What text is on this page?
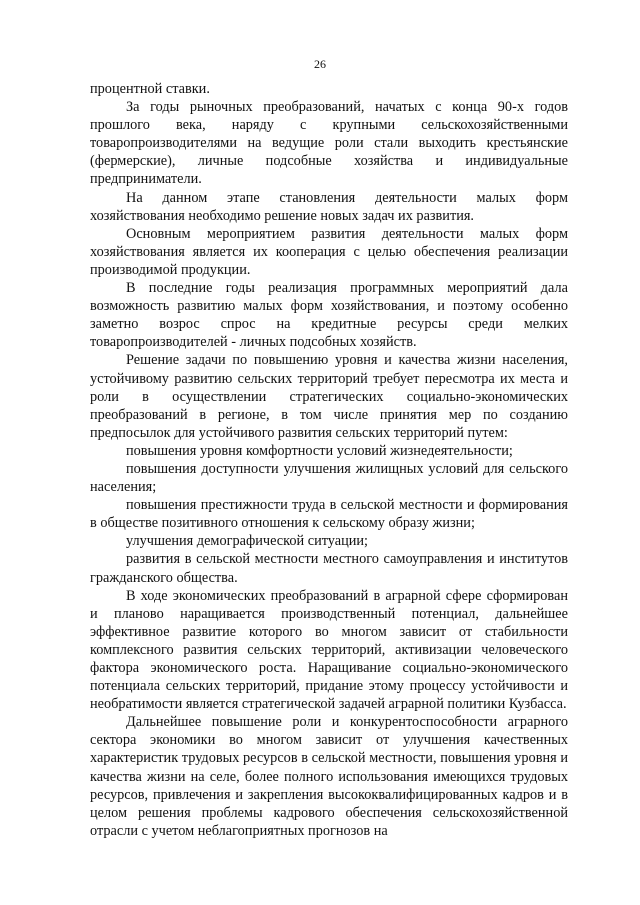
26

процентной ставки.

За годы рыночных преобразований, начатых с конца 90-х годов прошлого века, наряду с крупными сельскохозяйственными товаропроизводителями на ведущие роли стали выходить крестьянские (фермерские), личные подсобные хозяйства и индивидуальные предприниматели.

На данном этапе становления деятельности малых форм хозяйствования необходимо решение новых задач их развития.

Основным мероприятием развития деятельности малых форм хозяйствования является их кооперация с целью обеспечения реализации производимой продукции.

В последние годы реализация программных мероприятий дала возможность развитию малых форм хозяйствования, и поэтому особенно заметно возрос спрос на кредитные ресурсы среди мелких товаропроизводителей - личных подсобных хозяйств.

Решение задачи по повышению уровня и качества жизни населения, устойчивому развитию сельских территорий требует пересмотра их места и роли в осуществлении стратегических социально-экономических преобразований в регионе, в том числе принятия мер по созданию предпосылок для устойчивого развития сельских территорий путем:

повышения уровня комфортности условий жизнедеятельности;

повышения доступности улучшения жилищных условий для сельского населения;

повышения престижности труда в сельской местности и формирования в обществе позитивного отношения к сельскому образу жизни;

улучшения демографической ситуации;

развития в сельской местности местного самоуправления и институтов гражданского общества.

В ходе экономических преобразований в аграрной сфере сформирован и планово наращивается производственный потенциал, дальнейшее эффективное развитие которого во многом зависит от стабильности комплексного развития сельских территорий, активизации человеческого фактора экономического роста. Наращивание социально-экономического потенциала сельских территорий, придание этому процессу устойчивости и необратимости является стратегической задачей аграрной политики Кузбасса.

Дальнейшее повышение роли и конкурентоспособности аграрного сектора экономики во многом зависит от улучшения качественных характеристик трудовых ресурсов в сельской местности, повышения уровня и качества жизни на селе, более полного использования имеющихся трудовых ресурсов, привлечения и закрепления высококвалифицированных кадров и в целом решения проблемы кадрового обеспечения сельскохозяйственной отрасли с учетом неблагоприятных прогнозов на
